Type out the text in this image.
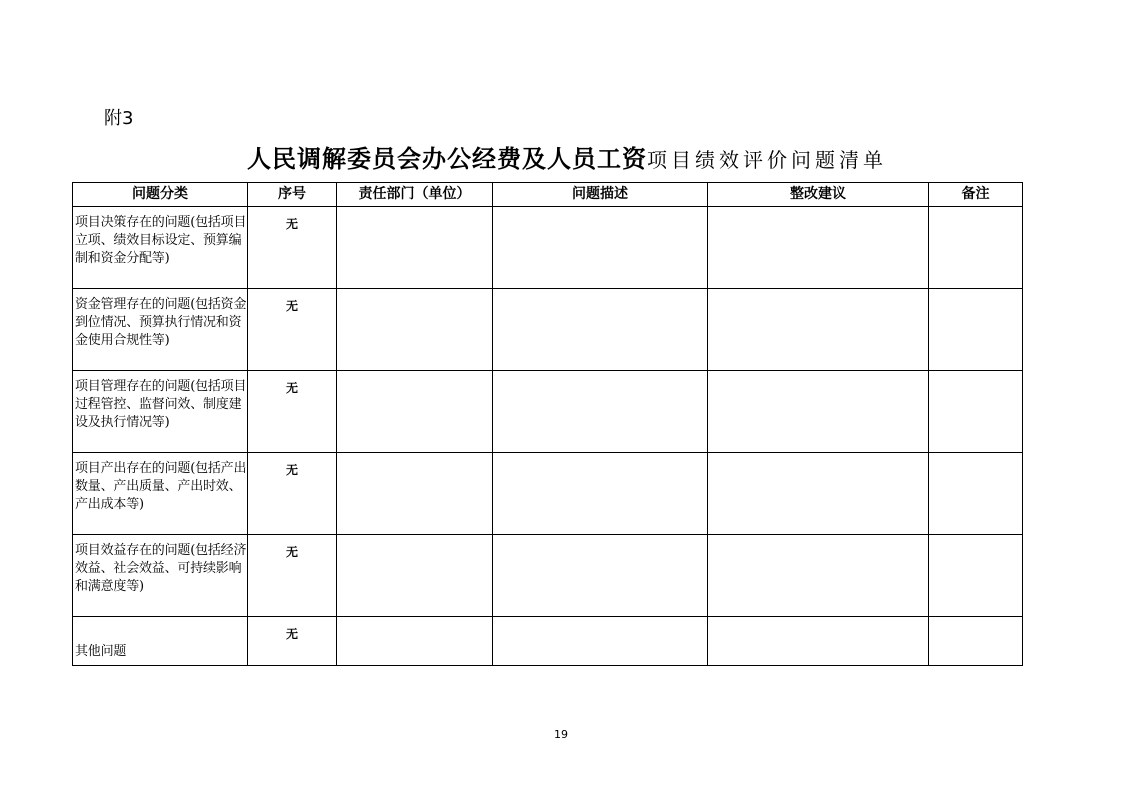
附3
人民调解委员会办公经费及人员工资项目绩效评价问题清单
问题分类	序号	责任部门（单位）	问题描述	整改建议	备注
项目决策存在的问题(包括项目立项、绩效目标设定、预算编制和资金分配等)	无				
资金管理存在的问题(包括资金到位情况、预算执行情况和资金使用合规性等)	无				
项目管理存在的问题(包括项目过程管控、监督问效、制度建设及执行情况等)	无				
项目产出存在的问题(包括产出数量、产出质量、产出时效、产出成本等)	无				
项目效益存在的问题(包括经济效益、社会效益、可持续影响和满意度等)	无				
其他问题	无				
19
